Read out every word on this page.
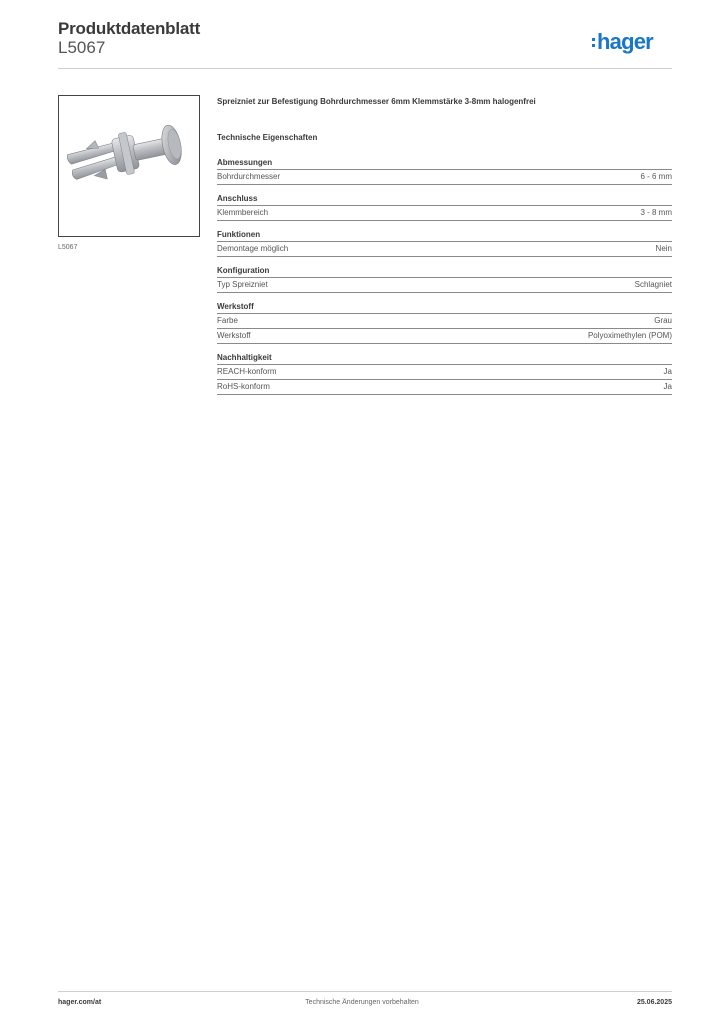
Produktdatenblatt
L5067	hager
L5067
Spreizniet zur Befestigung Bohrdurchmesser 6mm Klemmstärke 3-8mm halogenfrei
Technische Eigenschaften
Abmessungen
Bohrdurchmesser	6 - 6 mm
Anschluss
Klemmbereich	3 - 8 mm
Funktionen
Demontage möglich	Nein
Konfiguration
Typ Spreizniet	Schlagniet
Werkstoff
Farbe	Grau
Werkstoff	Polyoximethylen (POM)
Nachhaltigkeit
REACH-konform	Ja
RoHS-konform	Ja
hager.com/at	Technische Änderungen vorbehalten	25.06.2025
